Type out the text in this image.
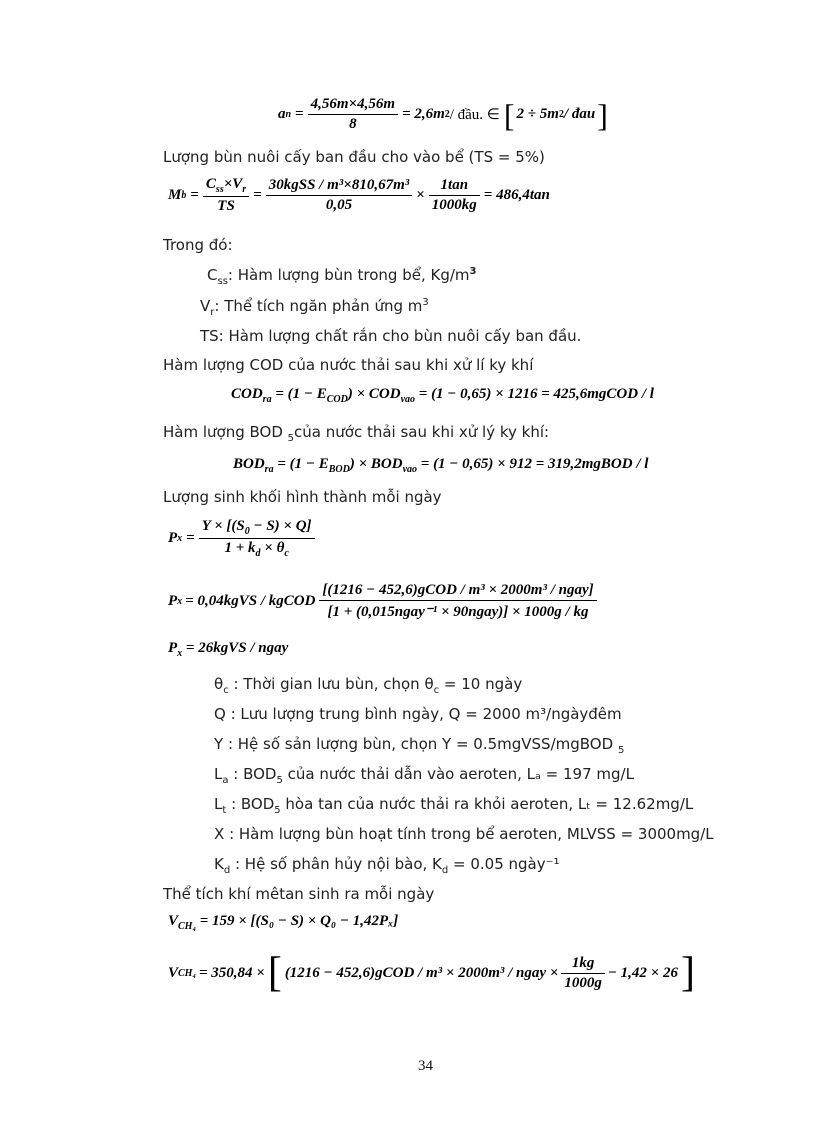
a $n = \frac{4,56m\times 4,56m}{8} = 2,6m$ 2 / đầu. ∈ [ 2 ÷ 5m 2 / đau ]
Lượng bùn nuôi cấy ban đầu cho vào bể (TS = 5%)
M $b = \frac{C_{ss}\times V_r}{TS} = \frac{\text{30kgSS / m³×810,67m³}}{0,05} \times \frac{1\tan}{1000kg} = 486,4\tan$
Trong đó:
$C_{ss}$: Hàm lượng bùn trong bể, $Kg/m^3$
$V_r$: Thể tích ngăn phản ứng $m^3$
TS: Hàm lượng chất rắn cho bùn nuôi cấy ban đầu.
Hàm lượng COD của nước thải sau khi xử lí ky khí
$COD_{ra} = (1 - E_{COD}) \times COD_{vao} = (1 - 0,65) \times 1216$ = 425,6mgCOD / l
Hàm lượng BOD $_5$của nước thải sau khi xử lý ky khí:
$BOD_{ra} = (1 - E_{BOD}) \times BOD_{vao} = (1 - 0,65) \times 912$ = 319,2mgBOD / l
Lượng sinh khối hình thành mỗi ngày
P $x = \frac{Y \times [(S_0 - S) \times Q]}{1 + k_d \times \theta_c}$
P x = 0,04kgVS / kgCOD $\frac{\text{[(1216 − 452,6)gCOD / m³ × 2000m³ / ngay]}}{\text{[1 + (0,015ngay⁻¹ × 90ngay)] × 1000g / kg}}$
$P_x$ = 26kgVS / ngay
$\theta_c$ : Thời gian lưu bùn, chọn $\theta_c = 10$ ngày
Q : Lưu lượng trung bình ngày, Q = 2000 m³/ngàyđêm
Y : Hệ số sản lượng bùn, chọn Y = 0.5mgVSS/mgBOD $_5$
$L_a$ : $BOD_5$ của nước thải dẫn vào aeroten, Lₐ = 197 mg/L
$L_t$ : $BOD_5$ hòa tan của nước thải ra khỏi aeroten, Lₜ = 12.62mg/L
X : Hàm lượng bùn hoạt tính trong bể aeroten, MLVSS = 3000mg/L
$K_d$ : Hệ số phân hủy nội bào, $K_d = 0.05$ ngày⁻¹
Thể tích khí mêtan sinh ra mỗi ngày
$V_{CH_4} = 159 \times [(S_0 - S) \times Q_0 - 1,42P_x]$
V CH₄ = 350,84 × [ (1216 − 452,6)gCOD / m³ × 2000m³ / ngay × $\frac{1kg}{1000g} - 1,42 \times 26$ ]
34
